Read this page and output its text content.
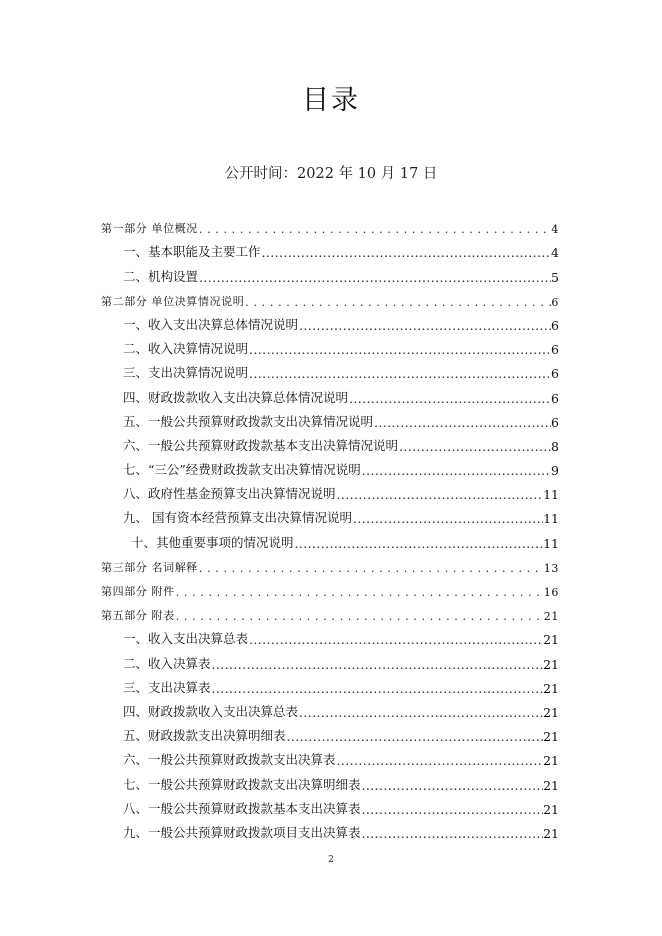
目录
公开时间：2022 年 10 月 17 日
第一部分 单位概况 . . .	4
一、基本职能及主要工作 .....	4
二、机构设置 .....	5
第二部分 单位决算情况说明 . . .	6
一、收入支出决算总体情况说明 .....	6
二、收入决算情况说明 .....	6
三、支出决算情况说明 .....	6
四、财政拨款收入支出决算总体情况说明 .....	6
五、一般公共预算财政拨款支出决算情况说明 .....	6
六、一般公共预算财政拨款基本支出决算情况说明 .....	8
七、“三公”经费财政拨款支出决算情况说明 .....	9
八、政府性基金预算支出决算情况说明 .....	11
九、 国有资本经营预算支出决算情况说明 .....	11
十、其他重要事项的情况说明 .....	11
第三部分 名词解释 . . .	13
第四部分 附件 . . .	16
第五部分 附表 . . .	21
一、收入支出决算总表 .....	21
二、收入决算表 .....	21
三、支出决算表 .....	21
四、财政拨款收入支出决算总表 .....	21
五、财政拨款支出决算明细表 .....	21
六、一般公共预算财政拨款支出决算表 .....	21
七、一般公共预算财政拨款支出决算明细表 .....	21
八、一般公共预算财政拨款基本支出决算表 .....	21
九、一般公共预算财政拨款项目支出决算表 .....	21
2
